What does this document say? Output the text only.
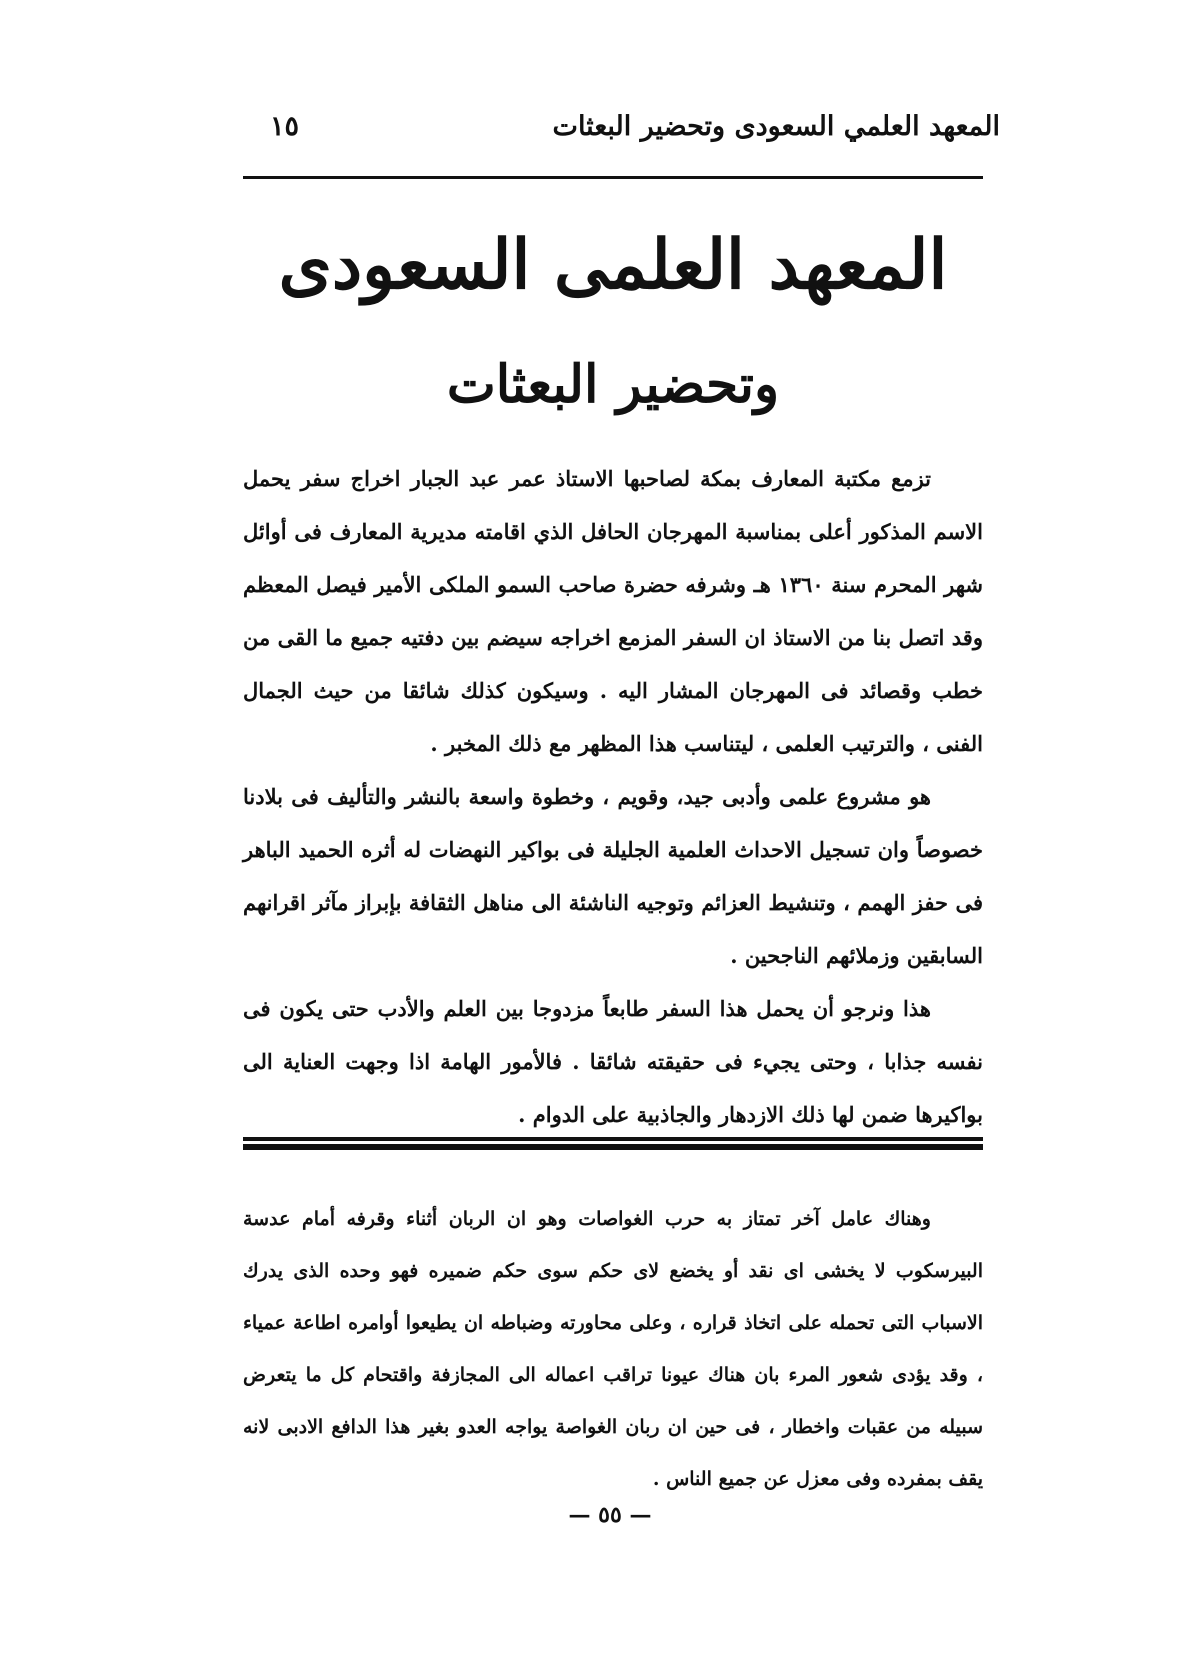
المعهد العلمي السعودى وتحضير البعثات
١٥
المعهد العلمى السعودى
وتحضير البعثات

تزمع مكتبة المعارف بمكة لصاحبها الاستاذ عمر عبد الجبار اخراج سفر يحمل الاسم المذكور أعلى بمناسبة المهرجان الحافل الذي اقامته مديرية المعارف فى أوائل شهر المحرم سنة ١٣٦٠ هـ وشرفه حضرة صاحب السمو الملكى الأمير فيصل المعظم وقد اتصل بنا من الاستاذ ان السفر المزمع اخراجه سيضم بين دفتيه جميع ما القى من خطب وقصائد فى المهرجان المشار اليه . وسيكون كذلك شائقا من حيث الجمال الفنى ، والترتيب العلمى ، ليتناسب هذا المظهر مع ذلك المخبر .

هو مشروع علمى وأدبى جيد، وقويم ، وخطوة واسعة بالنشر والتأليف فى بلادنا خصوصاً وان تسجيل الاحداث العلمية الجليلة فى بواكير النهضات له أثره الحميد الباهر فى حفز الهمم ، وتنشيط العزائم وتوجيه الناشئة الى مناهل الثقافة بإبراز مآثر اقرانهم السابقين وزملائهم الناجحين .

هذا ونرجو أن يحمل هذا السفر طابعاً مزدوجا بين العلم والأدب حتى يكون فى نفسه جذابا ، وحتى يجيء فى حقيقته شائقا . فالأمور الهامة اذا وجهت العناية الى بواكيرها ضمن لها ذلك الازدهار والجاذبية على الدوام .

وهناك عامل آخر تمتاز به حرب الغواصات وهو ان الربان أثناء وقرفه أمام عدسة البيرسكوب لا يخشى اى نقد أو يخضع لاى حكم سوى حكم ضميره فهو وحده الذى يدرك الاسباب التى تحمله على اتخاذ قراره ، وعلى محاورته وضباطه ان يطيعوا أوامره اطاعة عمياء ، وقد يؤدى شعور المرء بان هناك عيونا تراقب اعماله الى المجازفة واقتحام كل ما يتعرض سبيله من عقبات واخطار ، فى حين ان ربان الغواصة يواجه العدو بغير هذا الدافع الادبى لانه يقف بمفرده وفى معزل عن جميع الناس .

— ٥٥ —
